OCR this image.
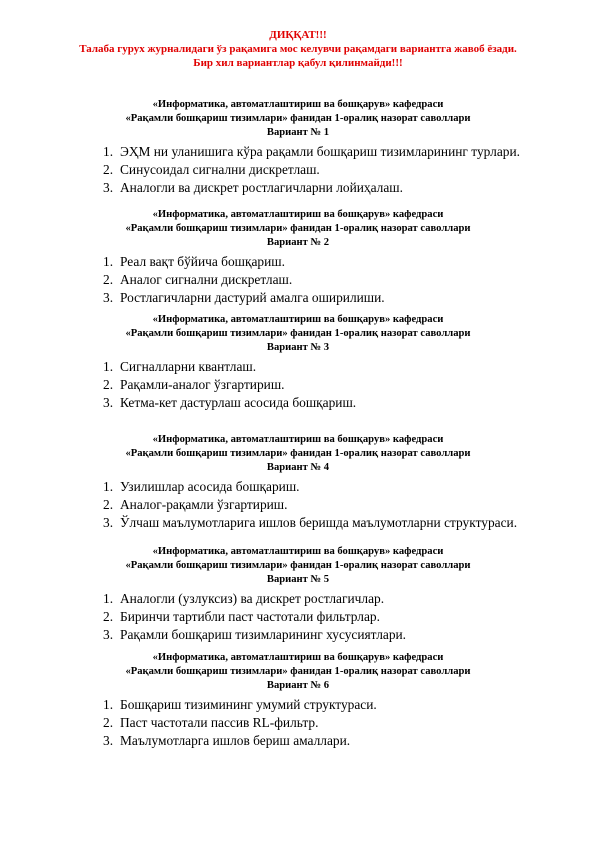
ДИҚҚАТ!!!
Талаба гурух журналидаги ўз рақамига мос келувчи рақамдаги вариантга жавоб ёзади.
Бир хил вариантлар қабул қилинмайди!!!
«Информатика, автоматлаштириш ва бошқарув» кафедраси
«Рақамли бошқариш тизимлари» фанидан 1-оралиқ назорат саволлари
Вариант № 1
1. ЭҲМ ни уланишига кўра рақамли бошқариш тизимларининг турлари.
2. Синусоидал сигнални дискретлаш.
3. Аналогли ва дискрет ростлагичларни лойиҳалаш.
«Информатика, автоматлаштириш ва бошқарув» кафедраси
«Рақамли бошқариш тизимлари» фанидан 1-оралиқ назорат саволлари
Вариант № 2
1. Реал вақт бўйича бошқариш.
2. Аналог сигнални дискретлаш.
3. Ростлагичларни дастурий амалга оширилиши.
«Информатика, автоматлаштириш ва бошқарув» кафедраси
«Рақамли бошқариш тизимлари» фанидан 1-оралиқ назорат саволлари
Вариант № 3
1. Сигналларни квантлаш.
2. Рақамли-аналог ўзгартириш.
3. Кетма-кет дастурлаш асосида бошқариш.
«Информатика, автоматлаштириш ва бошқарув» кафедраси
«Рақамли бошқариш тизимлари» фанидан 1-оралиқ назорат саволлари
Вариант № 4
1. Узилишлар асосида бошқариш.
2. Аналог-рақамли ўзгартириш.
3. Ўлчаш маълумотларига ишлов беришда маълумотларни структураси.
«Информатика, автоматлаштириш ва бошқарув» кафедраси
«Рақамли бошқариш тизимлари» фанидан 1-оралиқ назорат саволлари
Вариант № 5
1. Аналогли (узлуксиз) ва дискрет ростлагичлар.
2. Биринчи тартибли паст частотали фильтрлар.
3. Рақамли бошқариш тизимларининг хусусиятлари.
«Информатика, автоматлаштириш ва бошқарув» кафедраси
«Рақамли бошқариш тизимлари» фанидан 1-оралиқ назорат саволлари
Вариант № 6
1. Бошқариш тизимининг умумий структураси.
2. Паст частотали пассив RL-фильтр.
3. Маълумотларга ишлов бериш амаллари.
